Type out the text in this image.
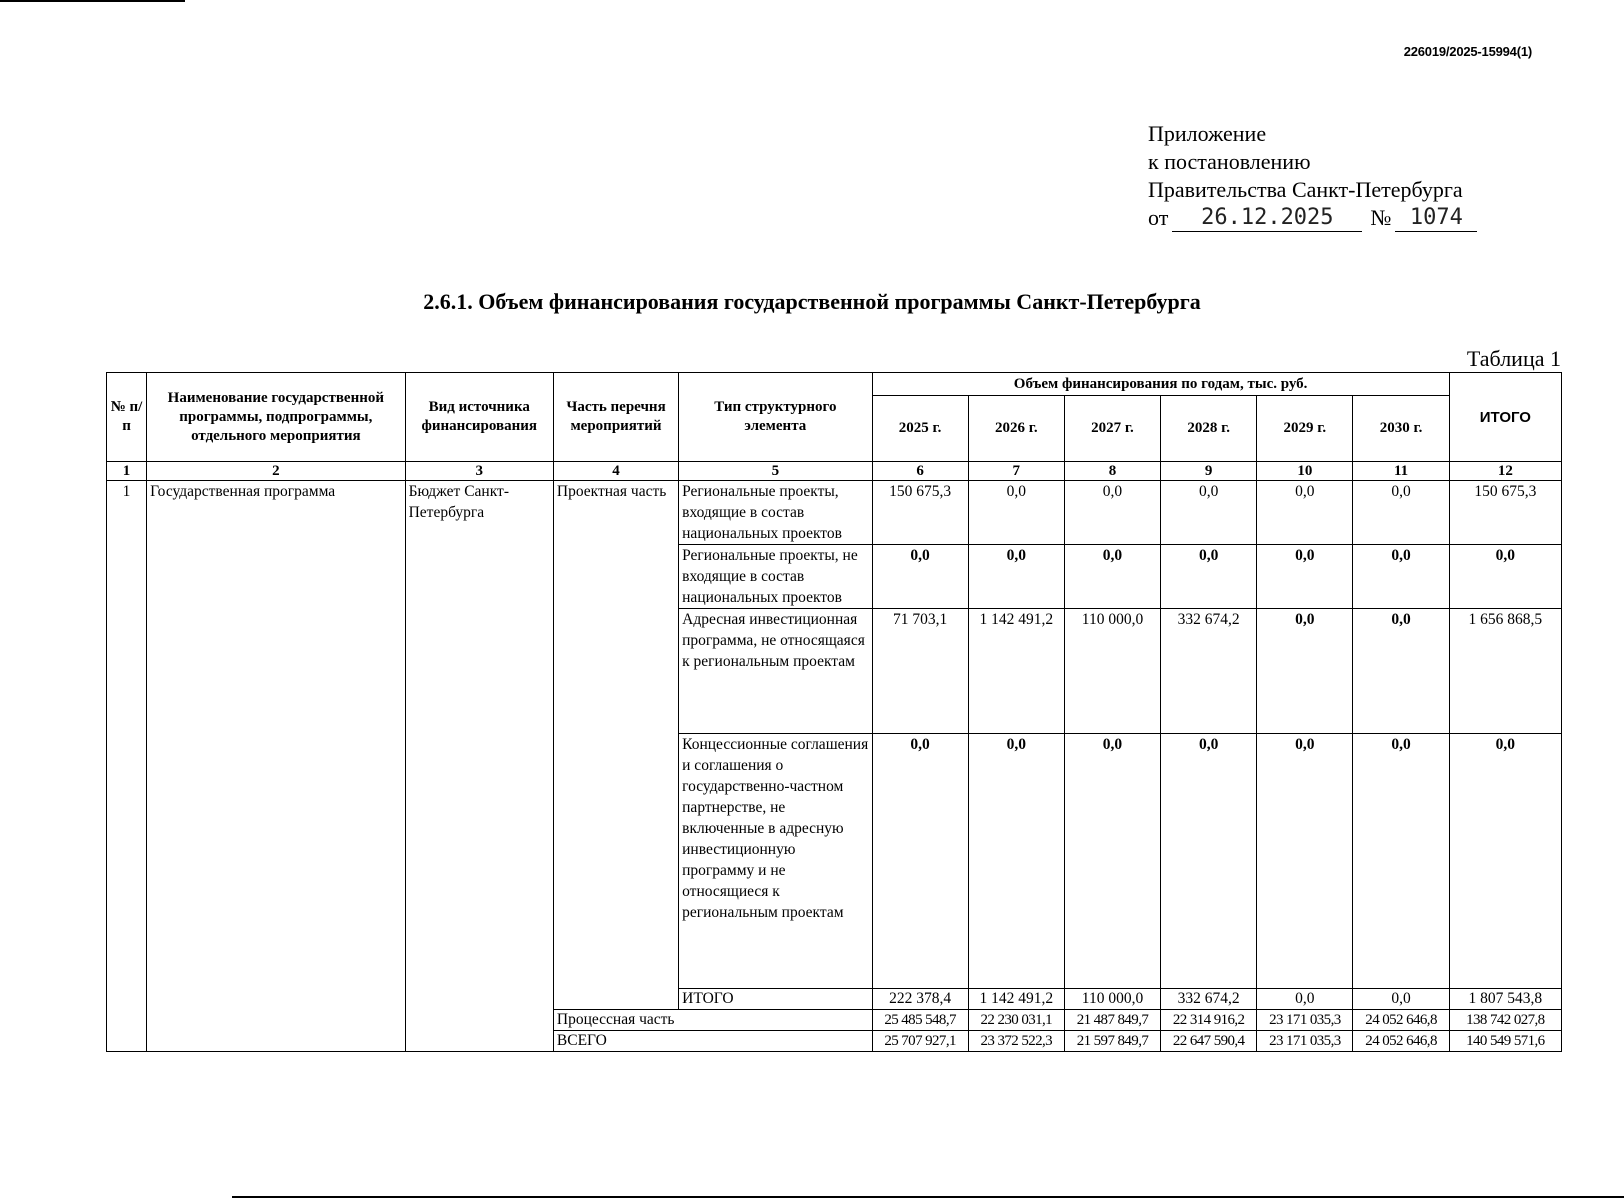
226019/2025-15994(1)
Приложение
к постановлению
Правительства Санкт-Петербурга
от	26.12.2025	№ 1074
2.6.1. Объем финансирования государственной программы Санкт-Петербурга
Таблица 1
№ п/п	Наименование государственной программы, подпрограммы, отдельного мероприятия	Вид источника финансирования	Часть перечня мероприятий	Тип структурного элемента	Объем финансирования по годам, тыс. руб.						ИТОГО
					2025 г.	2026 г.	2027 г.	2028 г.	2029 г.	2030 г.	
1	2	3	4	5	6	7	8	9	10	11	12
1	Государственная программа	Бюджет Санкт-Петербурга	Проектная часть	Региональные проекты, входящие в состав национальных проектов	150 675,3	0,0	0,0	0,0	0,0	0,0	150 675,3
				Региональные проекты, не входящие в состав национальных проектов	0,0	0,0	0,0	0,0	0,0	0,0	0,0
				Адресная инвестиционная программа, не относящаяся к региональным проектам	71 703,1	1 142 491,2	110 000,0	332 674,2	0,0	0,0	1 656 868,5
				Концессионные соглашения и соглашения о государственно-частном партнерстве, не включенные в адресную инвестиционную программу и не относящиеся к региональным проектам	0,0	0,0	0,0	0,0	0,0	0,0	0,0
				ИТОГО	222 378,4	1 142 491,2	110 000,0	332 674,2	0,0	0,0	1 807 543,8
			Процессная часть		25 485 548,7	22 230 031,1	21 487 849,7	22 314 916,2	23 171 035,3	24 052 646,8	138 742 027,8
			ВСЕГО		25 707 927,1	23 372 522,3	21 597 849,7	22 647 590,4	23 171 035,3	24 052 646,8	140 549 571,6
